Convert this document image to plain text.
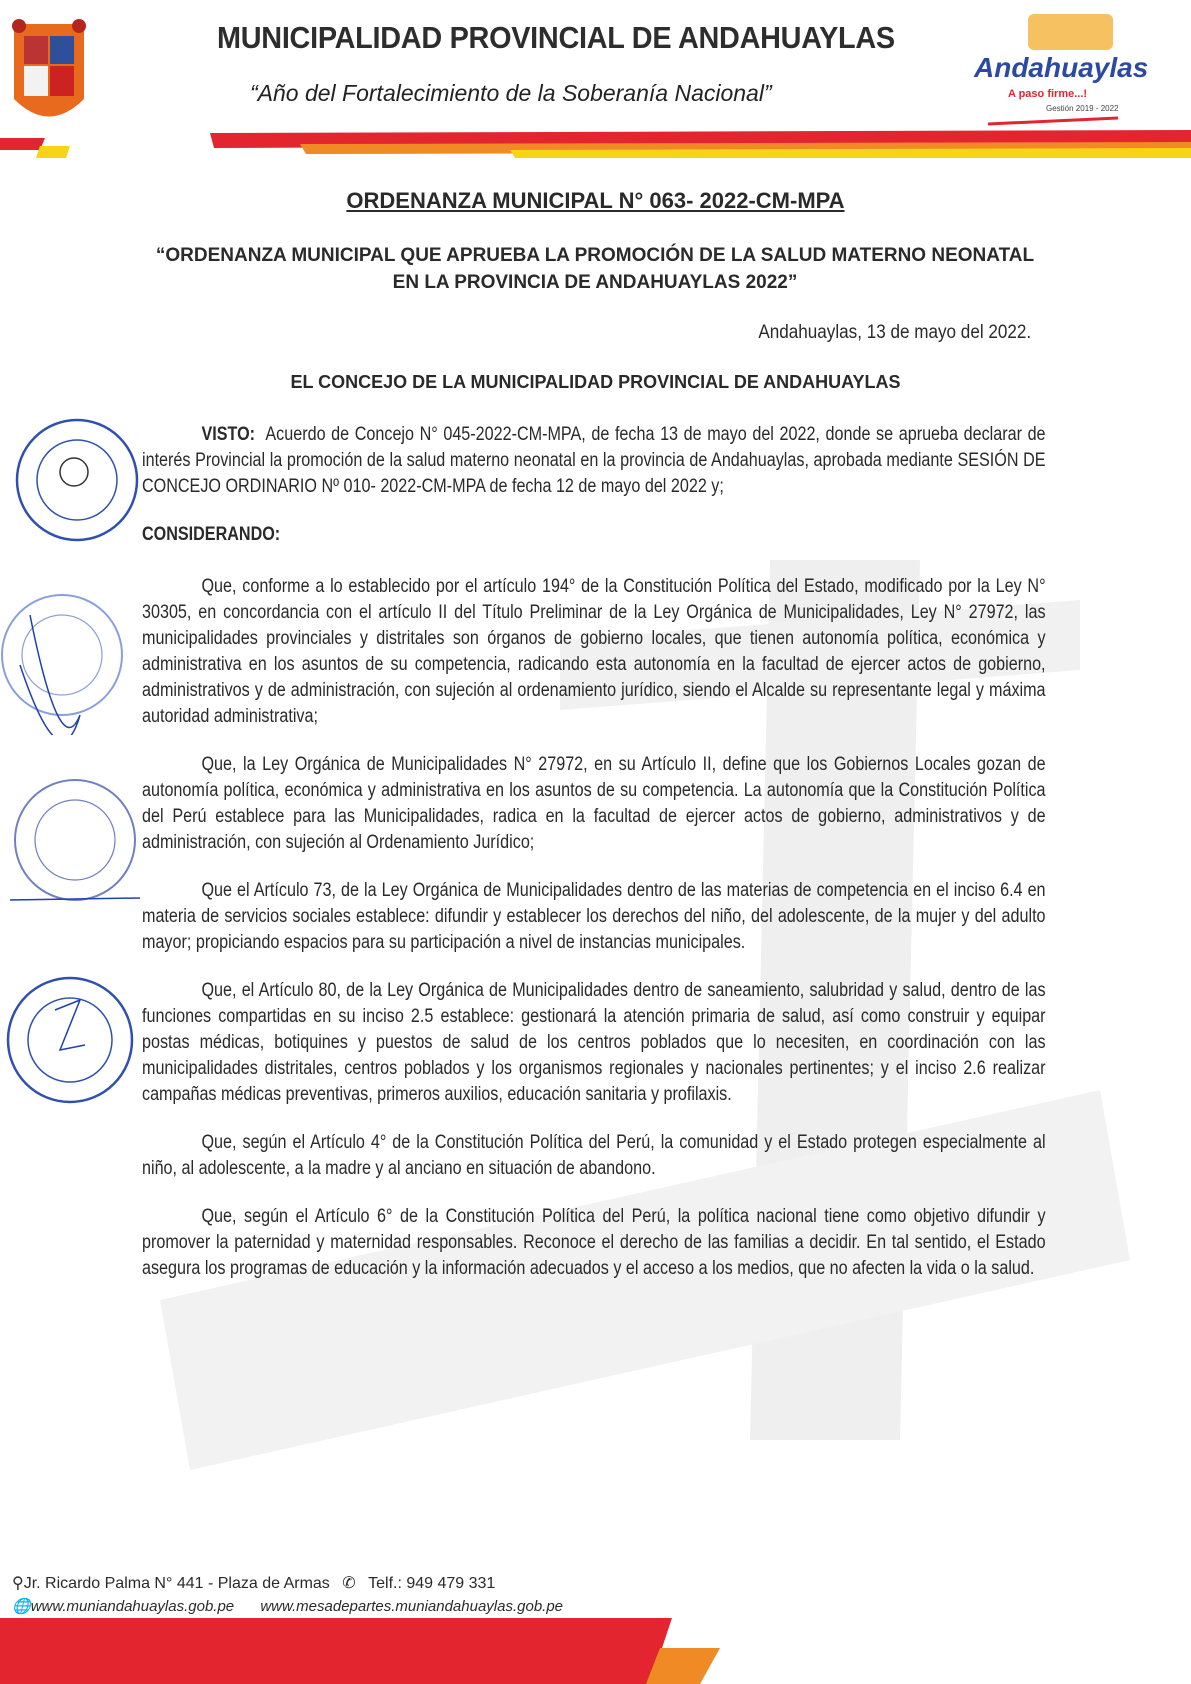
MUNICIPALIDAD PROVINCIAL DE ANDAHUAYLAS
“Año del Fortalecimiento de la Soberanía Nacional”
Andahuaylas
A paso firme...!
Gestión 2019 - 2022
ORDENANZA MUNICIPAL N° 063- 2022-CM-MPA
“ORDENANZA MUNICIPAL QUE APRUEBA LA PROMOCIÓN DE LA SALUD MATERNO NEONATAL
EN LA PROVINCIA DE ANDAHUAYLAS 2022”
Andahuaylas, 13 de mayo del 2022.
EL CONCEJO DE LA MUNICIPALIDAD PROVINCIAL DE ANDAHUAYLAS

VISTO: Acuerdo de Concejo N° 045-2022-CM-MPA, de fecha 13 de mayo del 2022, donde se aprueba declarar de interés Provincial la promoción de la salud materno neonatal en la provincia de Andahuaylas, aprobada mediante SESIÓN DE CONCEJO ORDINARIO Nº 010- 2022-CM-MPA de fecha 12 de mayo del 2022 y;

CONSIDERANDO:

Que, conforme a lo establecido por el artículo 194° de la Constitución Política del Estado, modificado por la Ley N° 30305, en concordancia con el artículo II del Título Preliminar de la Ley Orgánica de Municipalidades, Ley N° 27972, las municipalidades provinciales y distritales son órganos de gobierno locales, que tienen autonomía política, económica y administrativa en los asuntos de su competencia, radicando esta autonomía en la facultad de ejercer actos de gobierno, administrativos y de administración, con sujeción al ordenamiento jurídico, siendo el Alcalde su representante legal y máxima autoridad administrativa;

Que, la Ley Orgánica de Municipalidades N° 27972, en su Artículo II, define que los Gobiernos Locales gozan de autonomía política, económica y administrativa en los asuntos de su competencia. La autonomía que la Constitución Política del Perú establece para las Municipalidades, radica en la facultad de ejercer actos de gobierno, administrativos y de administración, con sujeción al Ordenamiento Jurídico;

Que el Artículo 73, de la Ley Orgánica de Municipalidades dentro de las materias de competencia en el inciso 6.4 en materia de servicios sociales establece: difundir y establecer los derechos del niño, del adolescente, de la mujer y del adulto mayor; propiciando espacios para su participación a nivel de instancias municipales.

Que, el Artículo 80, de la Ley Orgánica de Municipalidades dentro de saneamiento, salubridad y salud, dentro de las funciones compartidas en su inciso 2.5 establece: gestionará la atención primaria de salud, así como construir y equipar postas médicas, botiquines y puestos de salud de los centros poblados que lo necesiten, en coordinación con las municipalidades distritales, centros poblados y los organismos regionales y nacionales pertinentes; y el inciso 2.6 realizar campañas médicas preventivas, primeros auxilios, educación sanitaria y profilaxis.

Que, según el Artículo 4° de la Constitución Política del Perú, la comunidad y el Estado protegen especialmente al niño, al adolescente, a la madre y al anciano en situación de abandono.

Que, según el Artículo 6° de la Constitución Política del Perú, la política nacional tiene como objetivo difundir y promover la paternidad y maternidad responsables. Reconoce el derecho de las familias a decidir. En tal sentido, el Estado asegura los programas de educación y la información adecuados y el acceso a los medios, que no afecten la vida o la salud.

⚲Jr. Ricardo Palma N° 441 - Plaza de Armas ✆ Telf.: 949 479 331
🌐www.muniandahuaylas.gob.pe www.mesadepartes.muniandahuaylas.gob.pe
